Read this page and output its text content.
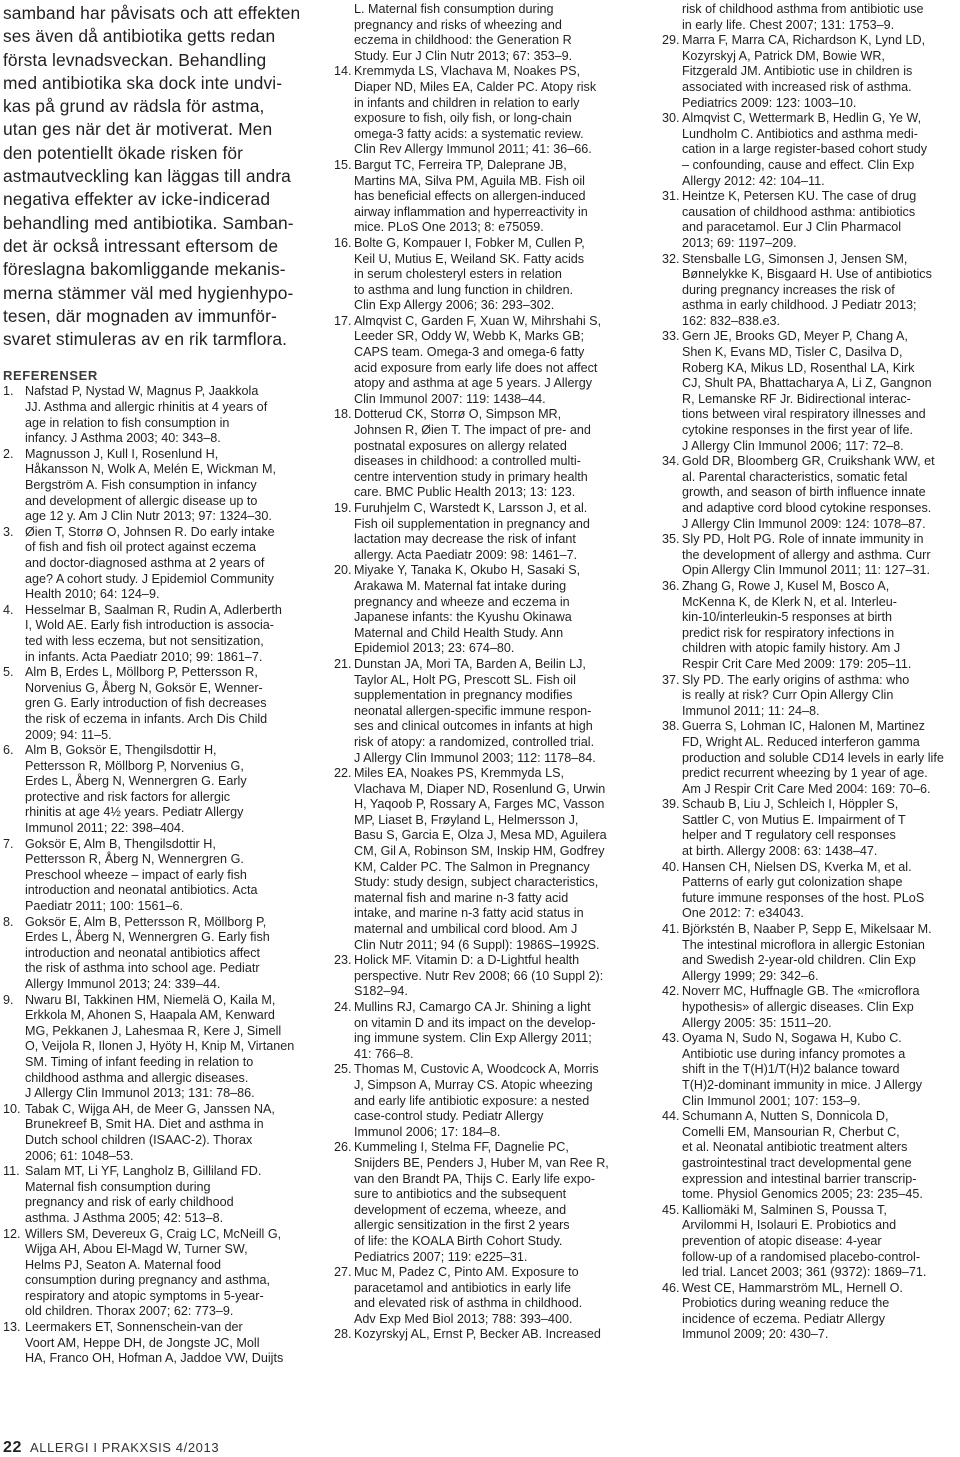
samband har påvisats och att effekten
ses även då antibiotika getts redan
första levnadsveckan. Behandling
med antibiotika ska dock inte undvi-
kas på grund av rädsla för astma,
utan ges när det är motiverat. Men
den potentiellt ökade risken för
astmautveckling kan läggas till andra
negativa effekter av icke-indicerad
behandling med antibiotika. Samban-
det är också intressant eftersom de
föreslagna bakomliggande mekanis-
merna stämmer väl med hygienhypo-
tesen, där mognaden av immunför-
svaret stimuleras av en rik tarmflora.
REFERENSER
1. Nafstad P, Nystad W, Magnus P, Jaakkola
JJ. Asthma and allergic rhinitis at 4 years of
age in relation to fish consumption in
infancy. J Asthma 2003; 40: 343–8.
2. Magnusson J, Kull I, Rosenlund H,
Håkansson N, Wolk A, Melén E, Wickman M,
Bergström A. Fish consumption in infancy
and development of allergic disease up to
age 12 y. Am J Clin Nutr 2013; 97: 1324–30.
3. Øien T, Storrø O, Johnsen R. Do early intake
of fish and fish oil protect against eczema
and doctor-diagnosed asthma at 2 years of
age? A cohort study. J Epidemiol Community
Health 2010; 64: 124–9.
4. Hesselmar B, Saalman R, Rudin A, Adlerberth
I, Wold AE. Early fish introduction is associa-
ted with less eczema, but not sensitization,
in infants. Acta Paediatr 2010; 99: 1861–7.
5. Alm B, Erdes L, Möllborg P, Pettersson R,
Norvenius G, Åberg N, Goksör E, Wenner-
gren G. Early introduction of fish decreases
the risk of eczema in infants. Arch Dis Child
2009; 94: 11–5.
6. Alm B, Goksör E, Thengilsdottir H,
Pettersson R, Möllborg P, Norvenius G,
Erdes L, Åberg N, Wennergren G. Early
protective and risk factors for allergic
rhinitis at age 4½ years. Pediatr Allergy
Immunol 2011; 22: 398–404.
7. Goksör E, Alm B, Thengilsdottir H,
Pettersson R, Åberg N, Wennergren G.
Preschool wheeze – impact of early fish
introduction and neonatal antibiotics. Acta
Paediatr 2011; 100: 1561–6.
8. Goksör E, Alm B, Pettersson R, Möllborg P,
Erdes L, Åberg N, Wennergren G. Early fish
introduction and neonatal antibiotics affect
the risk of asthma into school age. Pediatr
Allergy Immunol 2013; 24: 339–44.
9. Nwaru BI, Takkinen HM, Niemelä O, Kaila M,
Erkkola M, Ahonen S, Haapala AM, Kenward
MG, Pekkanen J, Lahesmaa R, Kere J, Simell
O, Veijola R, Ilonen J, Hyöty H, Knip M, Virtanen
SM. Timing of infant feeding in relation to
childhood asthma and allergic diseases.
J Allergy Clin Immunol 2013; 131: 78–86.
10. Tabak C, Wijga AH, de Meer G, Janssen NA,
Brunekreef B, Smit HA. Diet and asthma in
Dutch school children (ISAAC-2). Thorax
2006; 61: 1048–53.
11. Salam MT, Li YF, Langholz B, Gilliland FD.
Maternal fish consumption during
pregnancy and risk of early childhood
asthma. J Asthma 2005; 42: 513–8.
12. Willers SM, Devereux G, Craig LC, McNeill G,
Wijga AH, Abou El-Magd W, Turner SW,
Helms PJ, Seaton A. Maternal food
consumption during pregnancy and asthma,
respiratory and atopic symptoms in 5-year-
old children. Thorax 2007; 62: 773–9.
13. Leermakers ET, Sonnenschein-van der
Voort AM, Heppe DH, de Jongste JC, Moll
HA, Franco OH, Hofman A, Jaddoe VW, Duijts
L. Maternal fish consumption during
pregnancy and risks of wheezing and
eczema in childhood: the Generation R
Study. Eur J Clin Nutr 2013; 67: 353–9.
14. Kremmyda LS, Vlachava M, Noakes PS,
Diaper ND, Miles EA, Calder PC. Atopy risk
in infants and children in relation to early
exposure to fish, oily fish, or long-chain
omega-3 fatty acids: a systematic review.
Clin Rev Allergy Immunol 2011; 41: 36–66.
15. Bargut TC, Ferreira TP, Daleprane JB,
Martins MA, Silva PM, Aguila MB. Fish oil
has beneficial effects on allergen-induced
airway inflammation and hyperreactivity in
mice. PLoS One 2013; 8: e75059.
16. Bolte G, Kompauer I, Fobker M, Cullen P,
Keil U, Mutius E, Weiland SK. Fatty acids
in serum cholesteryl esters in relation
to asthma and lung function in children.
Clin Exp Allergy 2006; 36: 293–302.
17. Almqvist C, Garden F, Xuan W, Mihrshahi S,
Leeder SR, Oddy W, Webb K, Marks GB;
CAPS team. Omega-3 and omega-6 fatty
acid exposure from early life does not affect
atopy and asthma at age 5 years. J Allergy
Clin Immunol 2007: 119: 1438–44.
18. Dotterud CK, Storrø O, Simpson MR,
Johnsen R, Øien T. The impact of pre- and
postnatal exposures on allergy related
diseases in childhood: a controlled multi-
centre intervention study in primary health
care. BMC Public Health 2013; 13: 123.
19. Furuhjelm C, Warstedt K, Larsson J, et al.
Fish oil supplementation in pregnancy and
lactation may decrease the risk of infant
allergy. Acta Paediatr 2009: 98: 1461–7.
20. Miyake Y, Tanaka K, Okubo H, Sasaki S,
Arakawa M. Maternal fat intake during
pregnancy and wheeze and eczema in
Japanese infants: the Kyushu Okinawa
Maternal and Child Health Study. Ann
Epidemiol 2013; 23: 674–80.
21. Dunstan JA, Mori TA, Barden A, Beilin LJ,
Taylor AL, Holt PG, Prescott SL. Fish oil
supplementation in pregnancy modifies
neonatal allergen-specific immune respon-
ses and clinical outcomes in infants at high
risk of atopy: a randomized, controlled trial.
J Allergy Clin Immunol 2003; 112: 1178–84.
22. Miles EA, Noakes PS, Kremmyda LS,
Vlachava M, Diaper ND, Rosenlund G, Urwin
H, Yaqoob P, Rossary A, Farges MC, Vasson
MP, Liaset B, Frøyland L, Helmersson J,
Basu S, Garcia E, Olza J, Mesa MD, Aguilera
CM, Gil A, Robinson SM, Inskip HM, Godfrey
KM, Calder PC. The Salmon in Pregnancy
Study: study design, subject characteristics,
maternal fish and marine n-3 fatty acid
intake, and marine n-3 fatty acid status in
maternal and umbilical cord blood. Am J
Clin Nutr 2011; 94 (6 Suppl): 1986S–1992S.
23. Holick MF. Vitamin D: a D-Lightful health
perspective. Nutr Rev 2008; 66 (10 Suppl 2):
S182–94.
24. Mullins RJ, Camargo CA Jr. Shining a light
on vitamin D and its impact on the develop-
ing immune system. Clin Exp Allergy 2011;
41: 766–8.
25. Thomas M, Custovic A, Woodcock A, Morris
J, Simpson A, Murray CS. Atopic wheezing
and early life antibiotic exposure: a nested
case-control study. Pediatr Allergy
Immunol 2006; 17: 184–8.
26. Kummeling I, Stelma FF, Dagnelie PC,
Snijders BE, Penders J, Huber M, van Ree R,
van den Brandt PA, Thijs C. Early life expo-
sure to antibiotics and the subsequent
development of eczema, wheeze, and
allergic sensitization in the first 2 years
of life: the KOALA Birth Cohort Study.
Pediatrics 2007; 119: e225–31.
27. Muc M, Padez C, Pinto AM. Exposure to
paracetamol and antibiotics in early life
and elevated risk of asthma in childhood.
Adv Exp Med Biol 2013; 788: 393–400.
28. Kozyrskyj AL, Ernst P, Becker AB. Increased
risk of childhood asthma from antibiotic use
in early life. Chest 2007; 131: 1753–9.
29. Marra F, Marra CA, Richardson K, Lynd LD,
Kozyrskyj A, Patrick DM, Bowie WR,
Fitzgerald JM. Antibiotic use in children is
associated with increased risk of asthma.
Pediatrics 2009: 123: 1003–10.
30. Almqvist C, Wettermark B, Hedlin G, Ye W,
Lundholm C. Antibiotics and asthma medi-
cation in a large register-based cohort study
– confounding, cause and effect. Clin Exp
Allergy 2012: 42: 104–11.
31. Heintze K, Petersen KU. The case of drug
causation of childhood asthma: antibiotics
and paracetamol. Eur J Clin Pharmacol
2013; 69: 1197–209.
32. Stensballe LG, Simonsen J, Jensen SM,
Bønnelykke K, Bisgaard H. Use of antibiotics
during pregnancy increases the risk of
asthma in early childhood. J Pediatr 2013;
162: 832–838.e3.
33. Gern JE, Brooks GD, Meyer P, Chang A,
Shen K, Evans MD, Tisler C, Dasilva D,
Roberg KA, Mikus LD, Rosenthal LA, Kirk
CJ, Shult PA, Bhattacharya A, Li Z, Gangnon
R, Lemanske RF Jr. Bidirectional interac-
tions between viral respiratory illnesses and
cytokine responses in the first year of life.
J Allergy Clin Immunol 2006; 117: 72–8.
34. Gold DR, Bloomberg GR, Cruikshank WW, et
al. Parental characteristics, somatic fetal
growth, and season of birth influence innate
and adaptive cord blood cytokine responses.
J Allergy Clin Immunol 2009: 124: 1078–87.
35. Sly PD, Holt PG. Role of innate immunity in
the development of allergy and asthma. Curr
Opin Allergy Clin Immunol 2011; 11: 127–31.
36. Zhang G, Rowe J, Kusel M, Bosco A,
McKenna K, de Klerk N, et al. Interleu-
kin-10/interleukin-5 responses at birth
predict risk for respiratory infections in
children with atopic family history. Am J
Respir Crit Care Med 2009: 179: 205–11.
37. Sly PD. The early origins of asthma: who
is really at risk? Curr Opin Allergy Clin
Immunol 2011; 11: 24–8.
38. Guerra S, Lohman IC, Halonen M, Martinez
FD, Wright AL. Reduced interferon gamma
production and soluble CD14 levels in early life
predict recurrent wheezing by 1 year of age.
Am J Respir Crit Care Med 2004: 169: 70–6.
39. Schaub B, Liu J, Schleich I, Höppler S,
Sattler C, von Mutius E. Impairment of T
helper and T regulatory cell responses
at birth. Allergy 2008: 63: 1438–47.
40. Hansen CH, Nielsen DS, Kverka M, et al.
Patterns of early gut colonization shape
future immune responses of the host. PLoS
One 2012: 7: e34043.
41. Björkstén B, Naaber P, Sepp E, Mikelsaar M.
The intestinal microflora in allergic Estonian
and Swedish 2-year-old children. Clin Exp
Allergy 1999; 29: 342–6.
42. Noverr MC, Huffnagle GB. The «microflora
hypothesis» of allergic diseases. Clin Exp
Allergy 2005: 35: 1511–20.
43. Oyama N, Sudo N, Sogawa H, Kubo C.
Antibiotic use during infancy promotes a
shift in the T(H)1/T(H)2 balance toward
T(H)2-dominant immunity in mice. J Allergy
Clin Immunol 2001; 107: 153–9.
44. Schumann A, Nutten S, Donnicola D,
Comelli EM, Mansourian R, Cherbut C,
et al. Neonatal antibiotic treatment alters
gastrointestinal tract developmental gene
expression and intestinal barrier transcrip-
tome. Physiol Genomics 2005; 23: 235–45.
45. Kalliomäki M, Salminen S, Poussa T,
Arvilommi H, Isolauri E. Probiotics and
prevention of atopic disease: 4-year
follow-up of a randomised placebo-control-
led trial. Lancet 2003; 361 (9372): 1869–71.
46. West CE, Hammarström ML, Hernell O.
Probiotics during weaning reduce the
incidence of eczema. Pediatr Allergy
Immunol 2009; 20: 430–7.
22 ALLERGI I PRAKXSIS 4/2013
